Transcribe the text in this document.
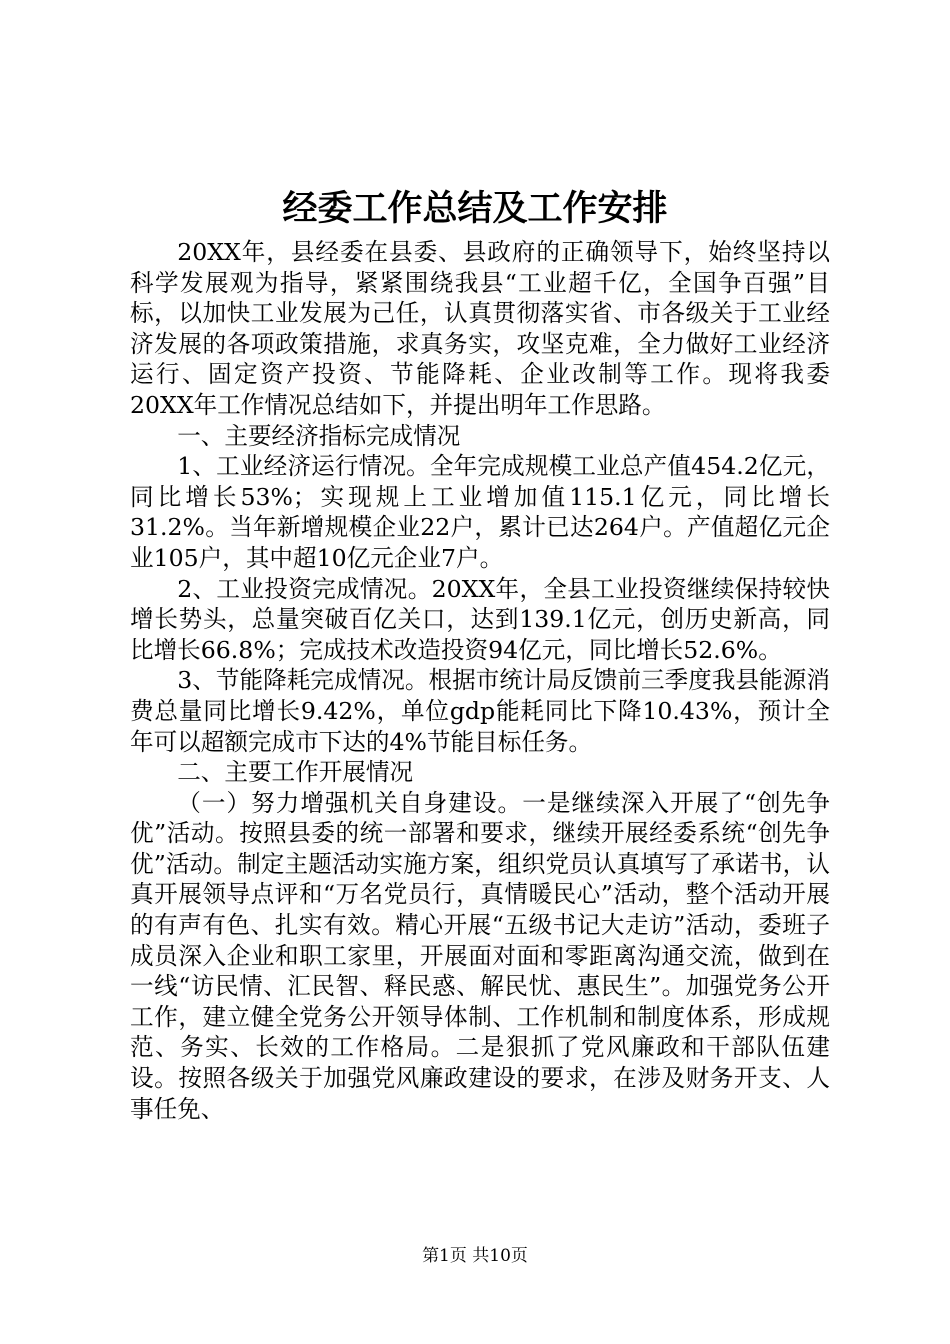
经委工作总结及工作安排

20XX年，县经委在县委、县政府的正确领导下，始终坚持以科学发展观为指导，紧紧围绕我县“工业超千亿，全国争百强”目标，以加快工业发展为己任，认真贯彻落实省、市各级关于工业经济发展的各项政策措施，求真务实，攻坚克难，全力做好工业经济运行、固定资产投资、节能降耗、企业改制等工作。现将我委20XX年工作情况总结如下，并提出明年工作思路。

一、主要经济指标完成情况

1、工业经济运行情况。全年完成规模工业总产值454.2亿元，同比增长53%；实现规上工业增加值115.1亿元，同比增长31.2%。当年新增规模企业22户，累计已达264户。产值超亿元企业105户，其中超10亿元企业7户。

2、工业投资完成情况。20XX年，全县工业投资继续保持较快增长势头，总量突破百亿关口，达到139.1亿元，创历史新高，同比增长66.8%；完成技术改造投资94亿元，同比增长52.6%。

3、节能降耗完成情况。根据市统计局反馈前三季度我县能源消费总量同比增长9.42%，单位gdp能耗同比下降10.43%，预计全年可以超额完成市下达的4%节能目标任务。

二、主要工作开展情况

（一）努力增强机关自身建设。一是继续深入开展了“创先争优”活动。按照县委的统一部署和要求，继续开展经委系统“创先争优”活动。制定主题活动实施方案，组织党员认真填写了承诺书，认真开展领导点评和“万名党员行，真情暖民心”活动，整个活动开展的有声有色、扎实有效。精心开展“五级书记大走访”活动，委班子成员深入企业和职工家里，开展面对面和零距离沟通交流，做到在一线“访民情、汇民智、释民惑、解民忧、惠民生”。加强党务公开工作，建立健全党务公开领导体制、工作机制和制度体系，形成规范、务实、长效的工作格局。二是狠抓了党风廉政和干部队伍建设。按照各级关于加强党风廉政建设的要求，在涉及财务开支、人事任免、

第1页 共10页
